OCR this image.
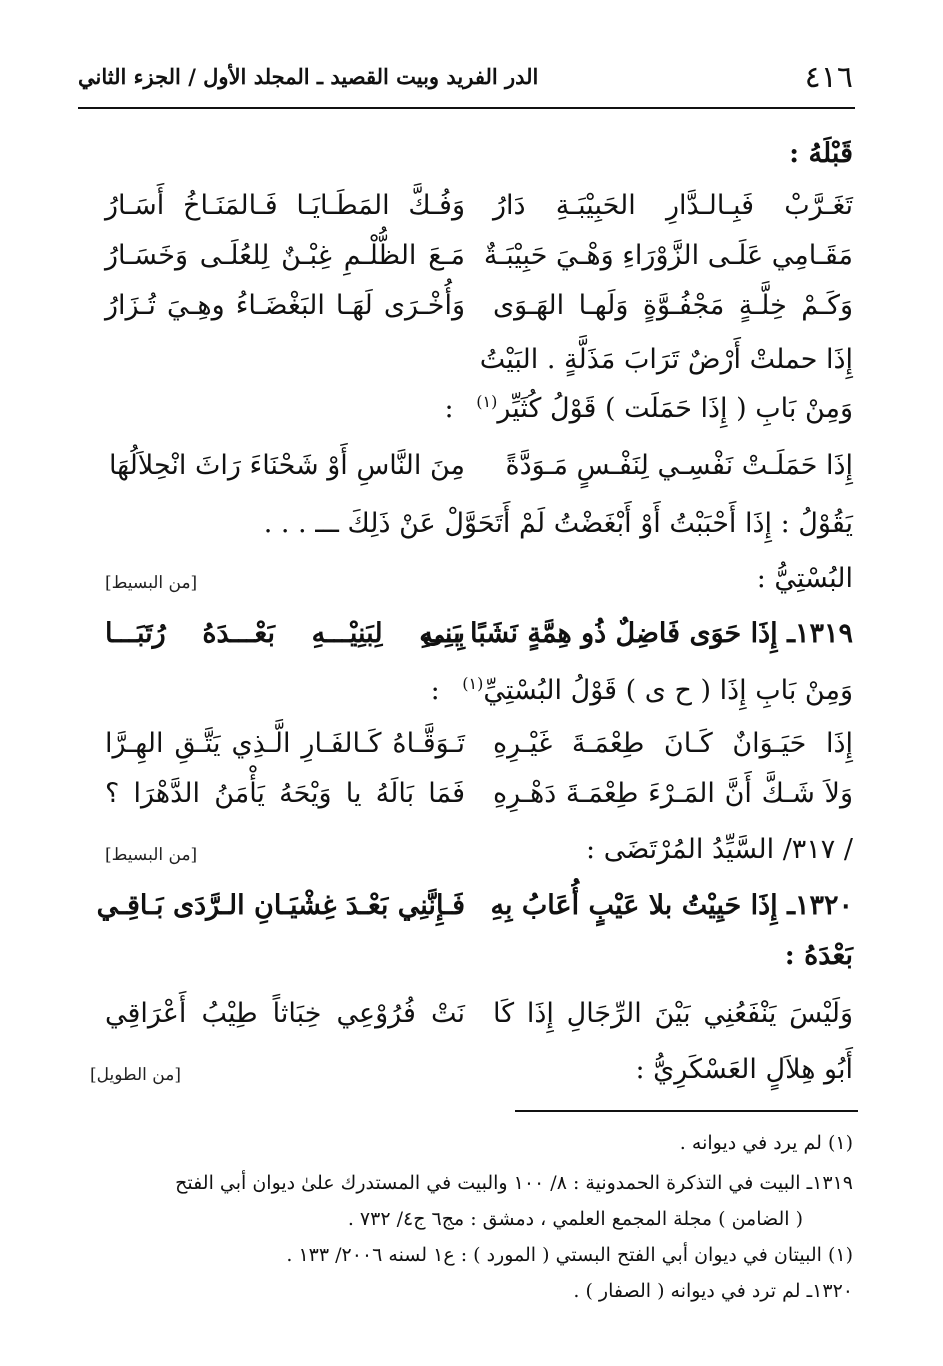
٤١٦
الدر الفريد وبيت القصيد ـ المجلد الأول / الجزء الثاني
قَبْلَهُ :
تَغَـرَّبْ فَبِـالـدَّارِ الحَبِيْبَـةِ دَارُ
وَفُـكَّ المَطَـايَـا فَـالمَنَـاخُ أَسَـارُ
مَقَـامِي عَلَـى الزَّوْرَاءِ وَهْـيَ حَبِيْبَـةٌ
مَـعَ الظُّلْـمِ غِبْـنٌ لِلعُلَـى وَخَسَـارُ
وَكَـمْ خِلَّـةٍ مَجْفُـوَّةٍ وَلَهـا الهَـوَى
وَأُخْـرَى لَهَـا البَغْضَـاءُ وهِـيَ تُـزَارُ
إِذَا حملتْ أَرْضٌ تَرَابَ مَذَلَّةٍ . البَيْتُ
وَمِنْ بَابِ ( إِذَا حَمَلَت ) قَوْلُ كُثَيِّر$^{(١)}$ :
إِذَا حَمَلَـتْ نَفْسِـي لِنَفْـسٍ مَـوَدَّةً
مِنَ النَّاسِ أَوْ شَحْنَاءَ رَاثَ انْحِلاَلُهَا
يَقُوْلُ : إِذَا أَحْبَبْتُ أَوْ أَبْغَضْتُ لَمْ أَتَحَوَّلْ عَنْ ذَلِكَ ـــ . . .
البُسْتِيُّ :
[من البسيط]
١٣١٩ـ إِذَا حَوَى فَاضِلٌ ذُو هِمَّةٍ نَشَبًا بَنِى
بِـــهِ لِبَنِيْـــهِ بَعْـــدَهُ رُتَبَـــا
وَمِنْ بَابِ إِذَا ( ح ى ) قَوْلُ البُسْتِيِّ$^{(١)}$ :
إِذَا حَيَـوَانٌ كَـانَ طِعْمَـةَ غَيْـرِهِ
تَـوَقَّـاهُ كَـالفَـارِ الَّـذِي يَتَّـقِ الهِـرَّا
وَلاَ شَـكَّ أَنَّ المَـرْءَ طِعْمَـةَ دَهْـرِهِ
فَمَا بَالَهُ يا وَيْحَهُ يَأْمَنُ الدَّهْرَا ؟
/ ٣١٧/ السَّيِّدُ المُرْتَضَى :
[من البسيط]
١٣٢٠ـ إِذَا حَيِيْتُ بلا عَيْبٍ أُعَابُ بِهِ
فَـإِنَّنِي بَعْـدَ غِشْيَـانِ الـرَّدَى بَـاقِـي
بَعْدَهُ :
وَلَيْسَ يَنْفَعُنِي بَيْنَ الرِّجَالِ إِذَا كَا
نَتْ فُرُوْعِي خِبَاثاً طِيْبُ أَعْرَاقِي
أَبُو هِلاَلٍ العَسْكَرِيُّ :
[من الطويل]
(١) لم يرد في ديوانه .
١٣١٩ـ البيت في التذكرة الحمدونية : ٨/ ١٠٠ والبيت في المستدرك علىٰ ديوان أبي الفتح
( الضامن ) مجلة المجمع العلمي ، دمشق : مج٦ ج٤/ ٧٣٢ .
(١) البيتان في ديوان أبي الفتح البستي ( المورد ) : ع١ لسنه ٢٠٠٦/ ١٣٣ .
١٣٢٠ـ لم ترد في ديوانه ( الصفار ) .
